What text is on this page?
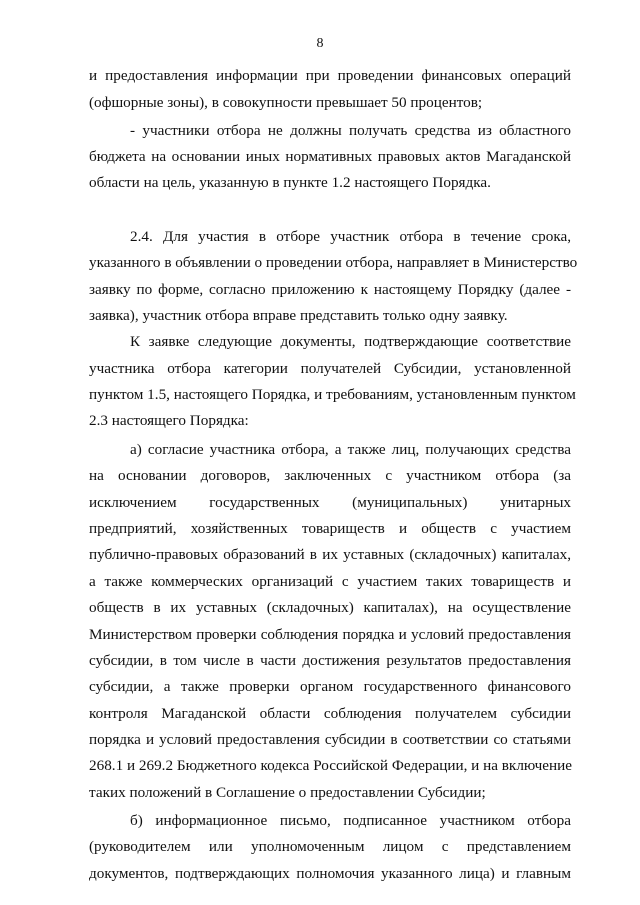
8
и предоставления информации при проведении финансовых операций
(офшорные зоны), в совокупности превышает 50 процентов;
- участники отбора не должны получать средства из областного
бюджета на основании иных нормативных правовых актов Магаданской
области на цель, указанную в пункте 1.2 настоящего Порядка.
2.4. Для участия в отборе участник отбора в течение срока,
указанного в объявлении о проведении отбора, направляет в Министерство
заявку по форме, согласно приложению к настоящему Порядку (далее -
заявка), участник отбора вправе представить только одну заявку.
К заявке следующие документы, подтверждающие соответствие
участника отбора категории получателей Субсидии, установленной
пунктом 1.5, настоящего Порядка, и требованиям, установленным пунктом
2.3 настоящего Порядка:
а) согласие участника отбора, а также лиц, получающих средства
на основании договоров, заключенных с участником отбора (за
исключением государственных (муниципальных) унитарных
предприятий, хозяйственных товариществ и обществ с участием
публично-правовых образований в их уставных (складочных) капиталах,
а также коммерческих организаций с участием таких товариществ и
обществ в их уставных (складочных) капиталах), на осуществление
Министерством проверки соблюдения порядка и условий предоставления
субсидии, в том числе в части достижения результатов предоставления
субсидии, а также проверки органом государственного финансового
контроля Магаданской области соблюдения получателем субсидии
порядка и условий предоставления субсидии в соответствии со статьями
268.1 и 269.2 Бюджетного кодекса Российской Федерации, и на включение
таких положений в Соглашение о предоставлении Субсидии;
б) информационное письмо, подписанное участником отбора
(руководителем или уполномоченным лицом с представлением
документов, подтверждающих полномочия указанного лица) и главным
